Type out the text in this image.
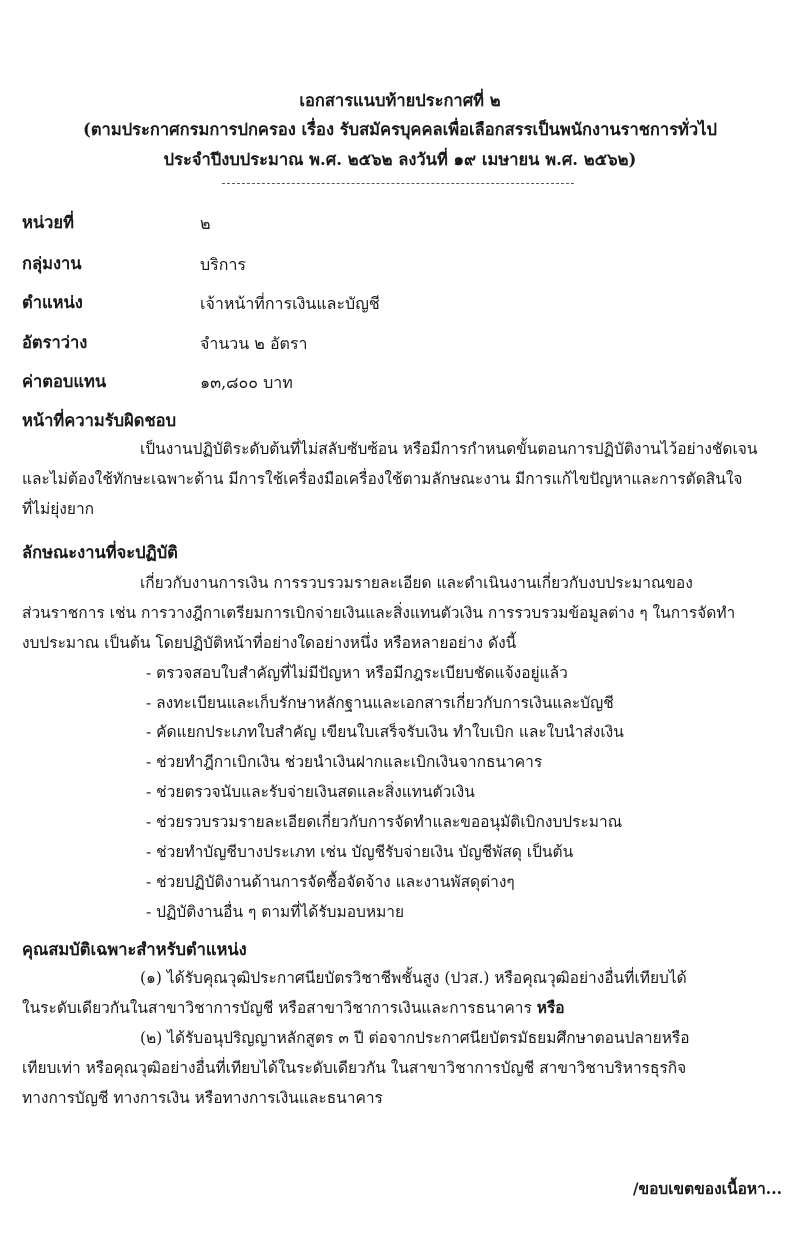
เอกสารแนบท้ายประกาศที่ ๒
(ตามประกาศกรมการปกครอง เรื่อง รับสมัครบุคคลเพื่อเลือกสรรเป็นพนักงานราชการทั่วไป
ประจำปีงบประมาณ พ.ศ. ๒๕๖๒ ลงวันที่ ๑๙ เมษายน พ.ศ. ๒๕๖๒)
หน่วยที่	๒
กลุ่มงาน	บริการ
ตำแหน่ง	เจ้าหน้าที่การเงินและบัญชี
อัตราว่าง	จำนวน ๒ อัตรา
ค่าตอบแทน	๑๓,๘๐๐ บาท
หน้าที่ความรับผิดชอบ
เป็นงานปฏิบัติระดับต้นที่ไม่สลับซับซ้อน หรือมีการกำหนดขั้นตอนการปฏิบัติงานไว้อย่างชัดเจน
และไม่ต้องใช้ทักษะเฉพาะด้าน มีการใช้เครื่องมือเครื่องใช้ตามลักษณะงาน มีการแก้ไขปัญหาและการตัดสินใจ
ที่ไม่ยุ่งยาก
ลักษณะงานที่จะปฏิบัติ
เกี่ยวกับงานการเงิน การรวบรวมรายละเอียด และดำเนินงานเกี่ยวกับงบประมาณของ
ส่วนราชการ เช่น การวางฎีกาเตรียมการเบิกจ่ายเงินและสิ่งแทนตัวเงิน การรวบรวมข้อมูลต่าง ๆ ในการจัดทำ
งบประมาณ เป็นต้น โดยปฏิบัติหน้าที่อย่างใดอย่างหนึ่ง หรือหลายอย่าง ดังนี้
- ตรวจสอบใบสำคัญที่ไม่มีปัญหา หรือมีกฎระเบียบชัดแจ้งอยู่แล้ว
- ลงทะเบียนและเก็บรักษาหลักฐานและเอกสารเกี่ยวกับการเงินและบัญชี
- คัดแยกประเภทใบสำคัญ เขียนใบเสร็จรับเงิน ทำใบเบิก และใบนำส่งเงิน
- ช่วยทำฎีกาเบิกเงิน ช่วยนำเงินฝากและเบิกเงินจากธนาคาร
- ช่วยตรวจนับและรับจ่ายเงินสดและสิ่งแทนตัวเงิน
- ช่วยรวบรวมรายละเอียดเกี่ยวกับการจัดทำและขออนุมัติเบิกงบประมาณ
- ช่วยทำบัญชีบางประเภท เช่น บัญชีรับจ่ายเงิน บัญชีพัสดุ เป็นต้น
- ช่วยปฏิบัติงานด้านการจัดซื้อจัดจ้าง และงานพัสดุต่างๆ
- ปฏิบัติงานอื่น ๆ ตามที่ได้รับมอบหมาย
คุณสมบัติเฉพาะสำหรับตำแหน่ง
(๑) ได้รับคุณวุฒิประกาศนียบัตรวิชาชีพชั้นสูง (ปวส.) หรือคุณวุฒิอย่างอื่นที่เทียบได้
ในระดับเดียวกันในสาขาวิชาการบัญชี หรือสาขาวิชาการเงินและการธนาคาร หรือ
(๒) ได้รับอนุปริญญาหลักสูตร ๓ ปี ต่อจากประกาศนียบัตรมัธยมศึกษาตอนปลายหรือ
เทียบเท่า หรือคุณวุฒิอย่างอื่นที่เทียบได้ในระดับเดียวกัน ในสาขาวิชาการบัญชี สาขาวิชาบริหารธุรกิจ
ทางการบัญชี ทางการเงิน หรือทางการเงินและธนาคาร
/ขอบเขตของเนื้อหา...
